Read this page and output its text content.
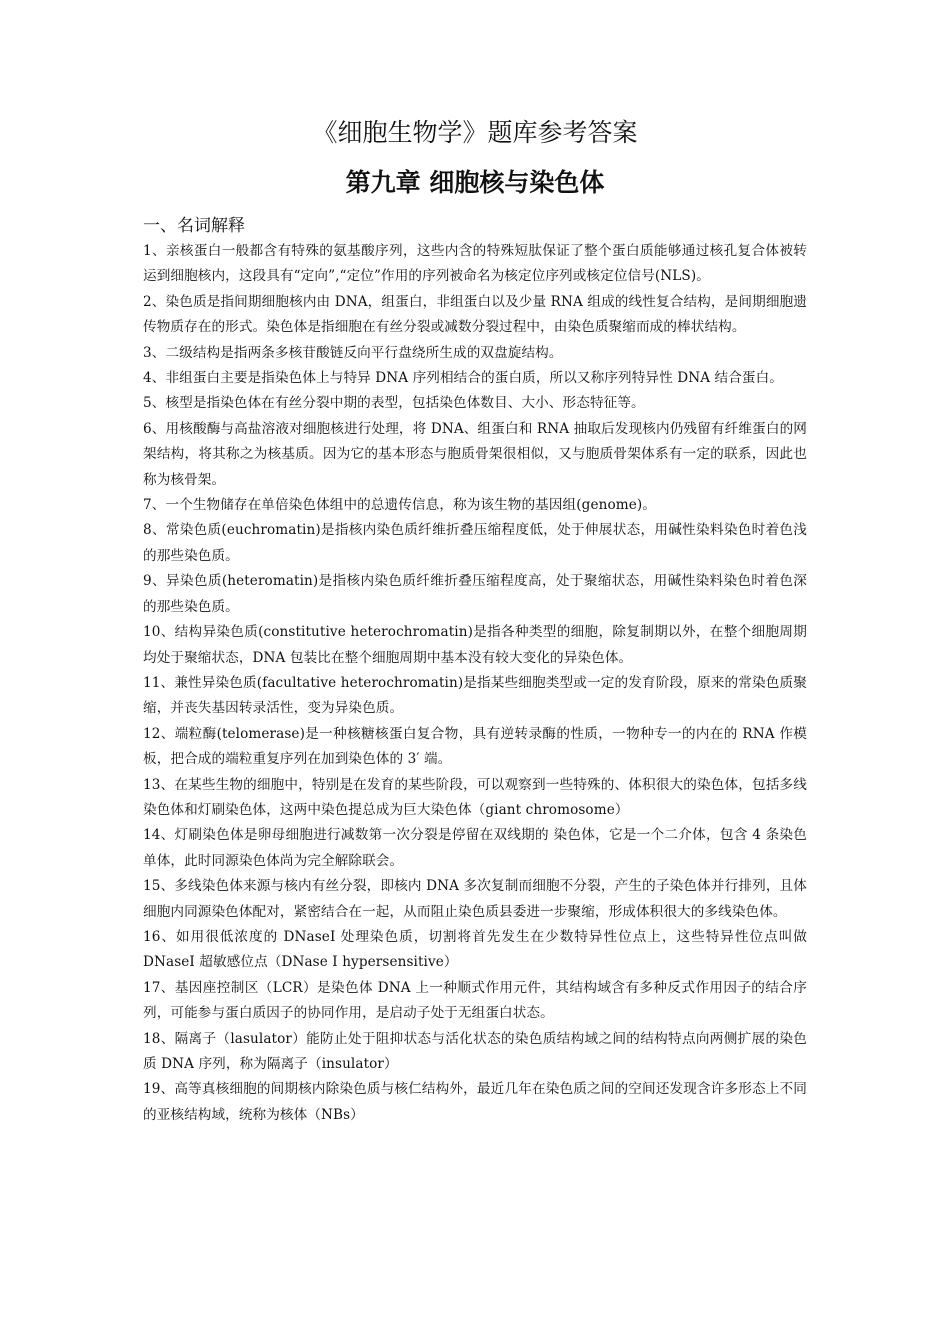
《细胞生物学》题库参考答案
第九章 细胞核与染色体
一、名词解释

1、亲核蛋白一般都含有特殊的氨基酸序列，这些内含的特殊短肽保证了整个蛋白质能够通过核孔复合体被转运到细胞核内，这段具有“定向”,“定位”作用的序列被命名为核定位序列或核定位信号(NLS)。

2、染色质是指间期细胞核内由 DNA，组蛋白，非组蛋白以及少量 RNA 组成的线性复合结构，是间期细胞遗传物质存在的形式。染色体是指细胞在有丝分裂或减数分裂过程中，由染色质聚缩而成的棒状结构。

3、二级结构是指两条多核苷酸链反向平行盘绕所生成的双盘旋结构。

4、非组蛋白主要是指染色体上与特异 DNA 序列相结合的蛋白质，所以又称序列特异性 DNA 结合蛋白。

5、核型是指染色体在有丝分裂中期的表型，包括染色体数目、大小、形态特征等。

6、用核酸酶与高盐溶液对细胞核进行处理，将 DNA、组蛋白和 RNA 抽取后发现核内仍残留有纤维蛋白的网架结构，将其称之为核基质。因为它的基本形态与胞质骨架很相似，又与胞质骨架体系有一定的联系，因此也称为核骨架。

7、一个生物储存在单倍染色体组中的总遗传信息，称为该生物的基因组(genome)。

8、常染色质(euchromatin)是指核内染色质纤维折叠压缩程度低，处于伸展状态，用碱性染料染色时着色浅的那些染色质。

9、异染色质(heteromatin)是指核内染色质纤维折叠压缩程度高，处于聚缩状态，用碱性染料染色时着色深的那些染色质。

10、结构异染色质(constitutive heterochromatin)是指各种类型的细胞，除复制期以外，在整个细胞周期均处于聚缩状态，DNA 包装比在整个细胞周期中基本没有较大变化的异染色体。

11、兼性异染色质(facultative heterochromatin)是指某些细胞类型或一定的发育阶段，原来的常染色质聚缩，并丧失基因转录活性，变为异染色质。

12、端粒酶(telomerase)是一种核糖核蛋白复合物，具有逆转录酶的性质，一物种专一的内在的 RNA 作模板，把合成的端粒重复序列在加到染色体的 3′ 端。

13、在某些生物的细胞中，特别是在发育的某些阶段，可以观察到一些特殊的、体积很大的染色体，包括多线染色体和灯刷染色体，这两中染色提总成为巨大染色体（giant chromosome）

14、灯刷染色体是卵母细胞进行减数第一次分裂是停留在双线期的 染色体，它是一个二介体，包含 4 条染色单体，此时同源染色体尚为完全解除联会。

15、多线染色体来源与核内有丝分裂，即核内 DNA 多次复制而细胞不分裂，产生的子染色体并行排列，且体细胞内同源染色体配对，紧密结合在一起，从而阻止染色质县委进一步聚缩，形成体积很大的多线染色体。

16、如用很低浓度的 DNaseI 处理染色质，切割将首先发生在少数特异性位点上，这些特异性位点叫做 DNaseI 超敏感位点（DNase I hypersensitive）

17、基因座控制区（LCR）是染色体 DNA 上一种顺式作用元件，其结构域含有多种反式作用因子的结合序列，可能参与蛋白质因子的协同作用，是启动子处于无组蛋白状态。

18、隔离子（lasulator）能防止处于阻抑状态与活化状态的染色质结构域之间的结构特点向两侧扩展的染色质 DNA 序列，称为隔离子（insulator）

19、高等真核细胞的间期核内除染色质与核仁结构外，最近几年在染色质之间的空间还发现含许多形态上不同的亚核结构域，统称为核体（NBs）
